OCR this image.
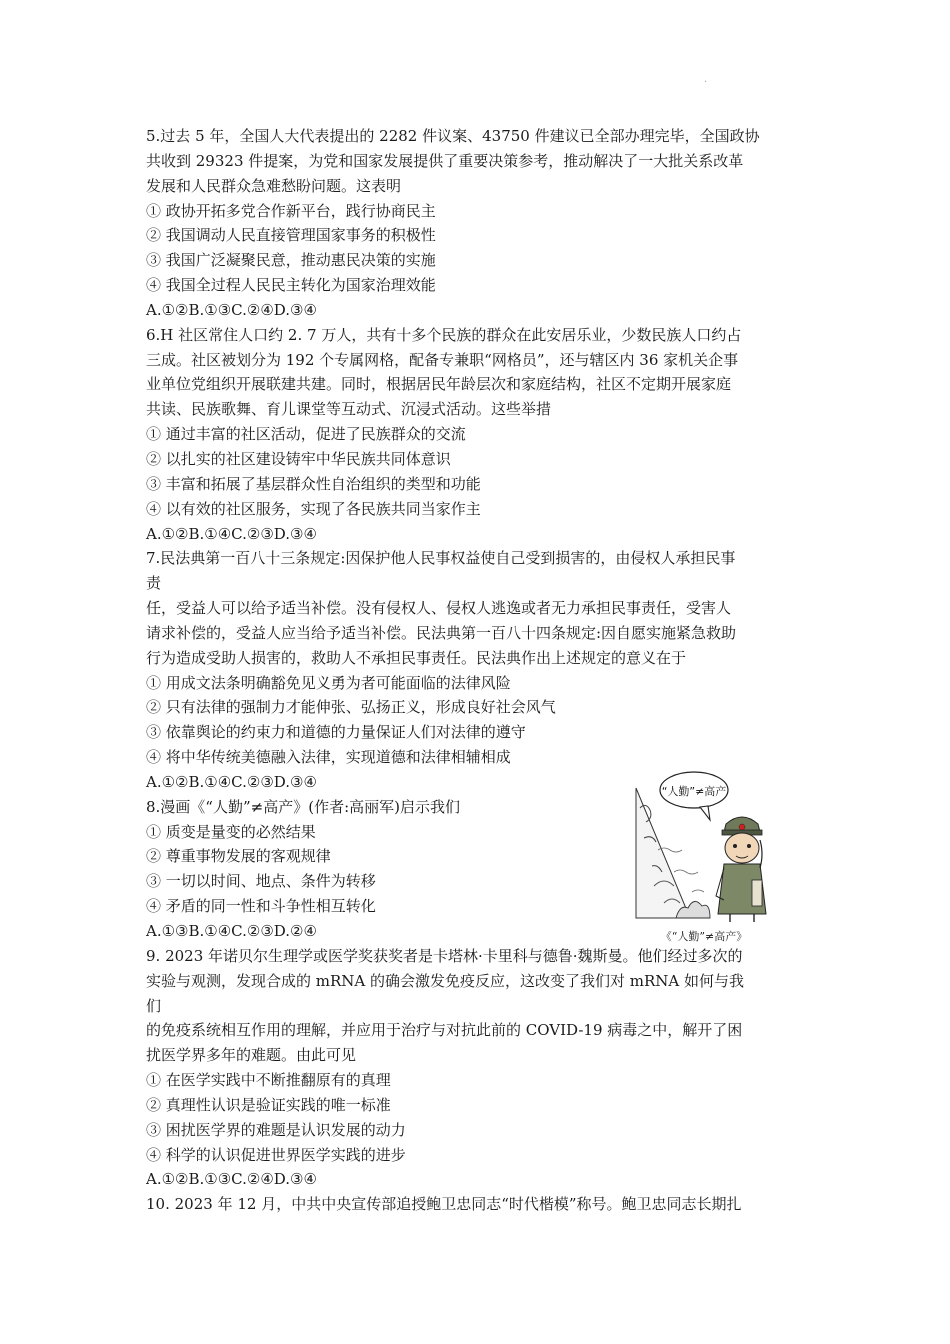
.
5.过去 5 年，全国人大代表提出的 2282 件议案、43750 件建议已全部办理完毕，全国政协
共收到 29323 件提案，为党和国家发展提供了重要决策参考，推动解决了一大批关系改革
发展和人民群众急难愁盼问题。这表明
① 政协开拓多党合作新平台，践行协商民主
② 我国调动人民直接管理国家事务的积极性
③ 我国广泛凝聚民意，推动惠民决策的实施
④ 我国全过程人民民主转化为国家治理效能
A.①②B.①③C.②④D.③④
6.H 社区常住人口约 2. 7 万人，共有十多个民族的群众在此安居乐业，少数民族人口约占
三成。社区被划分为 192 个专属网格，配备专兼职“网格员”，还与辖区内 36 家机关企事
业单位党组织开展联建共建。同时，根据居民年龄层次和家庭结构，社区不定期开展家庭
共读、民族歌舞、育儿课堂等互动式、沉浸式活动。这些举措
① 通过丰富的社区活动，促进了民族群众的交流
② 以扎实的社区建设铸牢中华民族共同体意识
③ 丰富和拓展了基层群众性自治组织的类型和功能
④ 以有效的社区服务，实现了各民族共同当家作主
A.①②B.①④C.②③D.③④
7.民法典第一百八十三条规定:因保护他人民事权益使自己受到损害的，由侵权人承担民事
责
任，受益人可以给予适当补偿。没有侵权人、侵权人逃逸或者无力承担民事责任，受害人
请求补偿的，受益人应当给予适当补偿。民法典第一百八十四条规定:因自愿实施紧急救助
行为造成受助人损害的，救助人不承担民事责任。民法典作出上述规定的意义在于
① 用成文法条明确豁免见义勇为者可能面临的法律风险
② 只有法律的强制力才能伸张、弘扬正义，形成良好社会风气
③ 依靠舆论的约束力和道德的力量保证人们对法律的遵守
④ 将中华传统美德融入法律，实现道德和法律相辅相成
A.①②B.①④C.②③D.③④
8.漫画《“人勤”≠高产》(作者:高丽军)启示我们
① 质变是量变的必然结果
② 尊重事物发展的客观规律
③ 一切以时间、地点、条件为转移
④ 矛盾的同一性和斗争性相互转化
A.①③B.①④C.②③D.②④
9. 2023 年诺贝尔生理学或医学奖获奖者是卡塔林·卡里科与德鲁·魏斯曼。他们经过多次的
实验与观测，发现合成的 mRNA 的确会激发免疫反应，这改变了我们对 mRNA 如何与我
们
的免疫系统相互作用的理解，并应用于治疗与对抗此前的 COVID-19 病毒之中，解开了困
扰医学界多年的难题。由此可见
① 在医学实践中不断推翻原有的真理
② 真理性认识是验证实践的唯一标准
③ 困扰医学界的难题是认识发展的动力
④ 科学的认识促进世界医学实践的进步
A.①②B.①③C.②④D.③④
10. 2023 年 12 月，中共中央宣传部追授鲍卫忠同志“时代楷模”称号。鲍卫忠同志长期扎
“人勤”≠高产
《“人勤”≠高产》
